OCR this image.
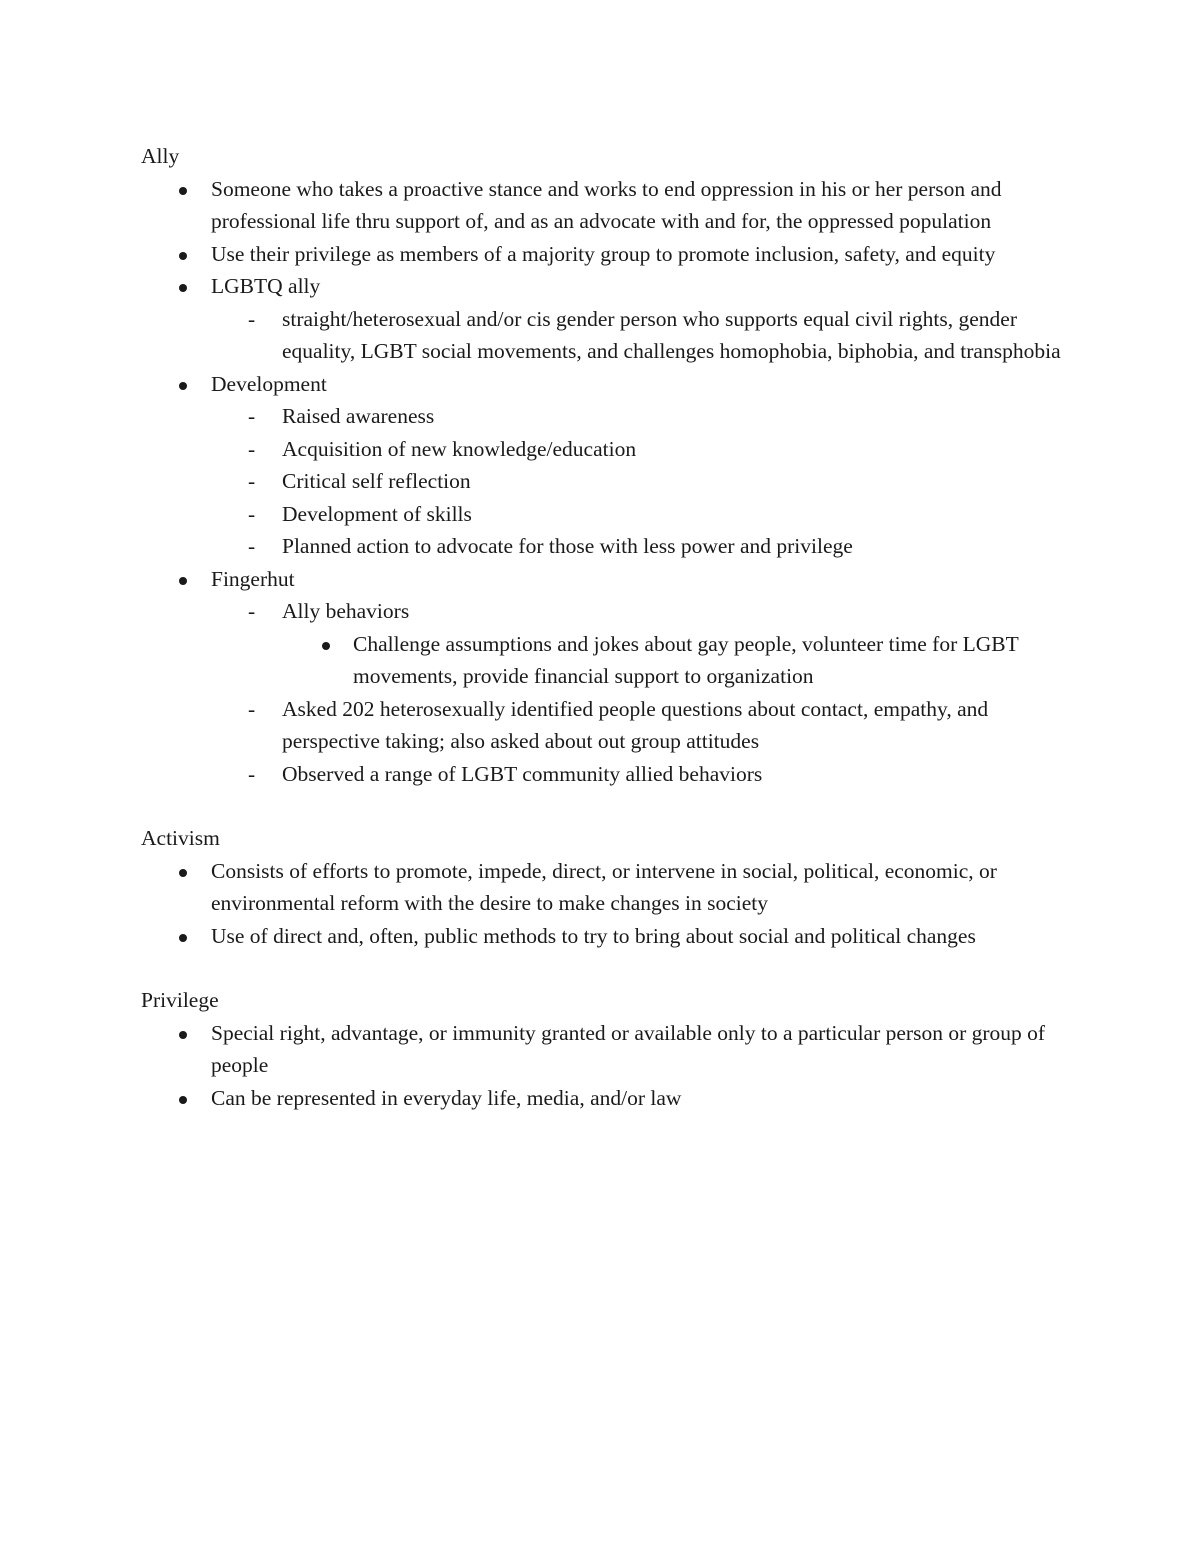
Ally
Someone who takes a proactive stance and works to end oppression in his or her person and professional life thru support of, and as an advocate with and for, the oppressed population
Use their privilege as members of a majority group to promote inclusion, safety, and equity
LGBTQ ally
- straight/heterosexual and/or cis gender person who supports equal civil rights, gender equality, LGBT social movements, and challenges homophobia, biphobia, and transphobia
Development
- Raised awareness
- Acquisition of new knowledge/education
- Critical self reflection
- Development of skills
- Planned action to advocate for those with less power and privilege
Fingerhut
- Ally behaviors
Challenge assumptions and jokes about gay people, volunteer time for LGBT movements, provide financial support to organization
- Asked 202 heterosexually identified people questions about contact, empathy, and perspective taking; also asked about out group attitudes
- Observed a range of LGBT community allied behaviors
Activism
Consists of efforts to promote, impede, direct, or intervene in social, political, economic, or environmental reform with the desire to make changes in society
Use of direct and, often, public methods to try to bring about social and political changes
Privilege
Special right, advantage, or immunity granted or available only to a particular person or group of people
Can be represented in everyday life, media, and/or law
